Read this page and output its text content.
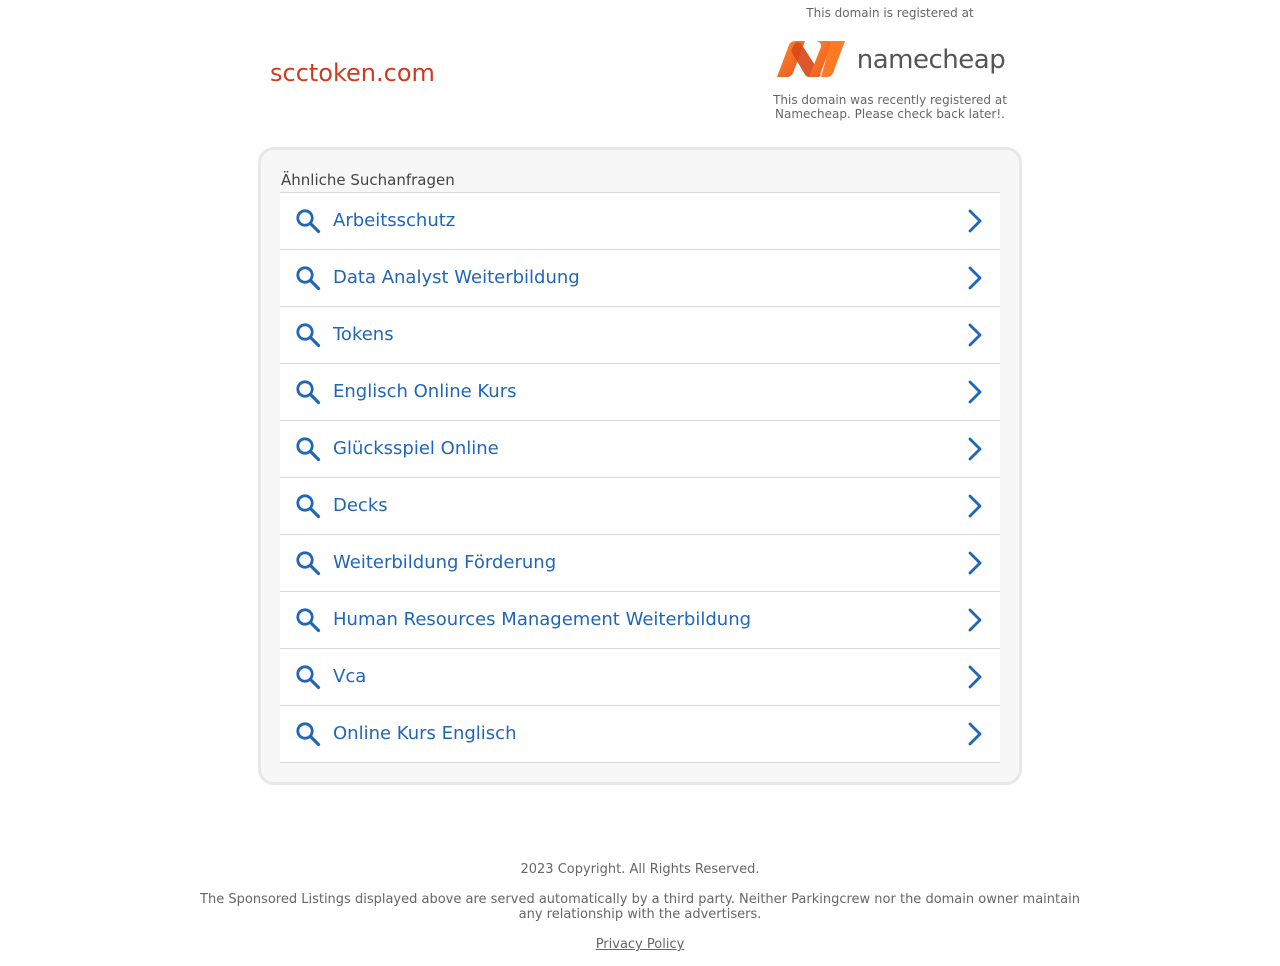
scctoken.com
This domain is registered at
namecheap
This domain was recently registered at Namecheap. Please check back later!.
Ähnliche Suchanfragen
Arbeitsschutz
Data Analyst Weiterbildung
Tokens
Englisch Online Kurs
Glücksspiel Online
Decks
Weiterbildung Förderung
Human Resources Management Weiterbildung
Vca
Online Kurs Englisch
2023 Copyright. All Rights Reserved.
The Sponsored Listings displayed above are served automatically by a third party. Neither Parkingcrew nor the domain owner maintain any relationship with the advertisers.
Privacy Policy
